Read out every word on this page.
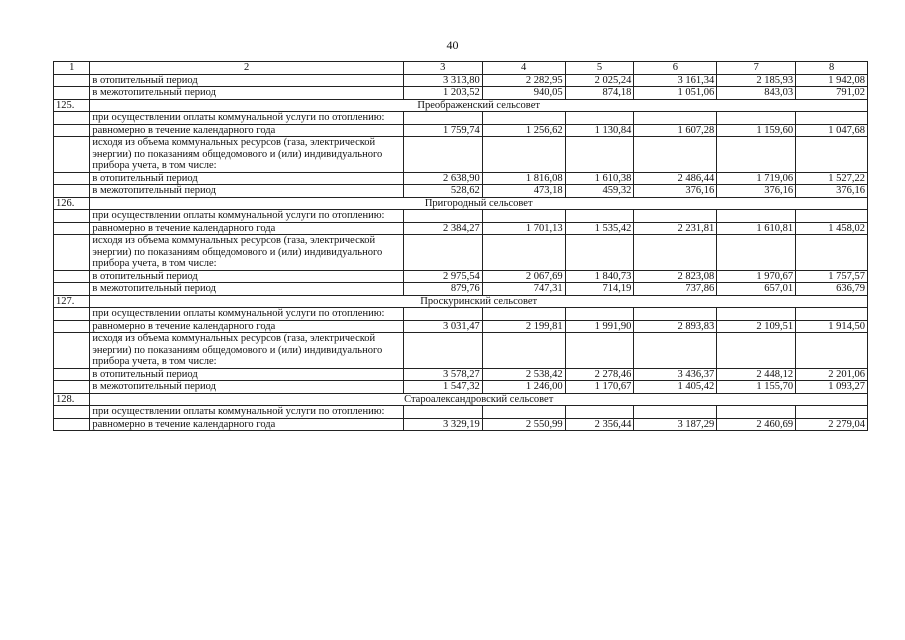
40
1	2	3	4	5	6	7	8
	в отопительный период	3 313,80	2 282,95	2 025,24	3 161,34	2 185,93	1 942,08
	в межотопительный период	1 203,52	940,05	874,18	1 051,06	843,03	791,02
125.	Преображенский сельсовет						
	при осуществлении оплаты коммунальной услуги по отоплению:						
	равномерно в течение календарного года	1 759,74	1 256,62	1 130,84	1 607,28	1 159,60	1 047,68
	исходя из объема коммунальных ресурсов (газа, электрической энергии) по показаниям общедомового и (или) индивидуального прибора учета, в том числе:						
	в отопительный период	2 638,90	1 816,08	1 610,38	2 486,44	1 719,06	1 527,22
	в межотопительный период	528,62	473,18	459,32	376,16	376,16	376,16
126.	Пригородный сельсовет						
	при осуществлении оплаты коммунальной услуги по отоплению:						
	равномерно в течение календарного года	2 384,27	1 701,13	1 535,42	2 231,81	1 610,81	1 458,02
	исходя из объема коммунальных ресурсов (газа, электрической энергии) по показаниям общедомового и (или) индивидуального прибора учета, в том числе:						
	в отопительный период	2 975,54	2 067,69	1 840,73	2 823,08	1 970,67	1 757,57
	в межотопительный период	879,76	747,31	714,19	737,86	657,01	636,79
127.	Проскуринский сельсовет						
	при осуществлении оплаты коммунальной услуги по отоплению:						
	равномерно в течение календарного года	3 031,47	2 199,81	1 991,90	2 893,83	2 109,51	1 914,50
	исходя из объема коммунальных ресурсов (газа, электрической энергии) по показаниям общедомового и (или) индивидуального прибора учета, в том числе:						
	в отопительный период	3 578,27	2 538,42	2 278,46	3 436,37	2 448,12	2 201,06
	в межотопительный период	1 547,32	1 246,00	1 170,67	1 405,42	1 155,70	1 093,27
128.	Староалександровский сельсовет						
	при осуществлении оплаты коммунальной услуги по отоплению:						
	равномерно в течение календарного года	3 329,19	2 550,99	2 356,44	3 187,29	2 460,69	2 279,04
